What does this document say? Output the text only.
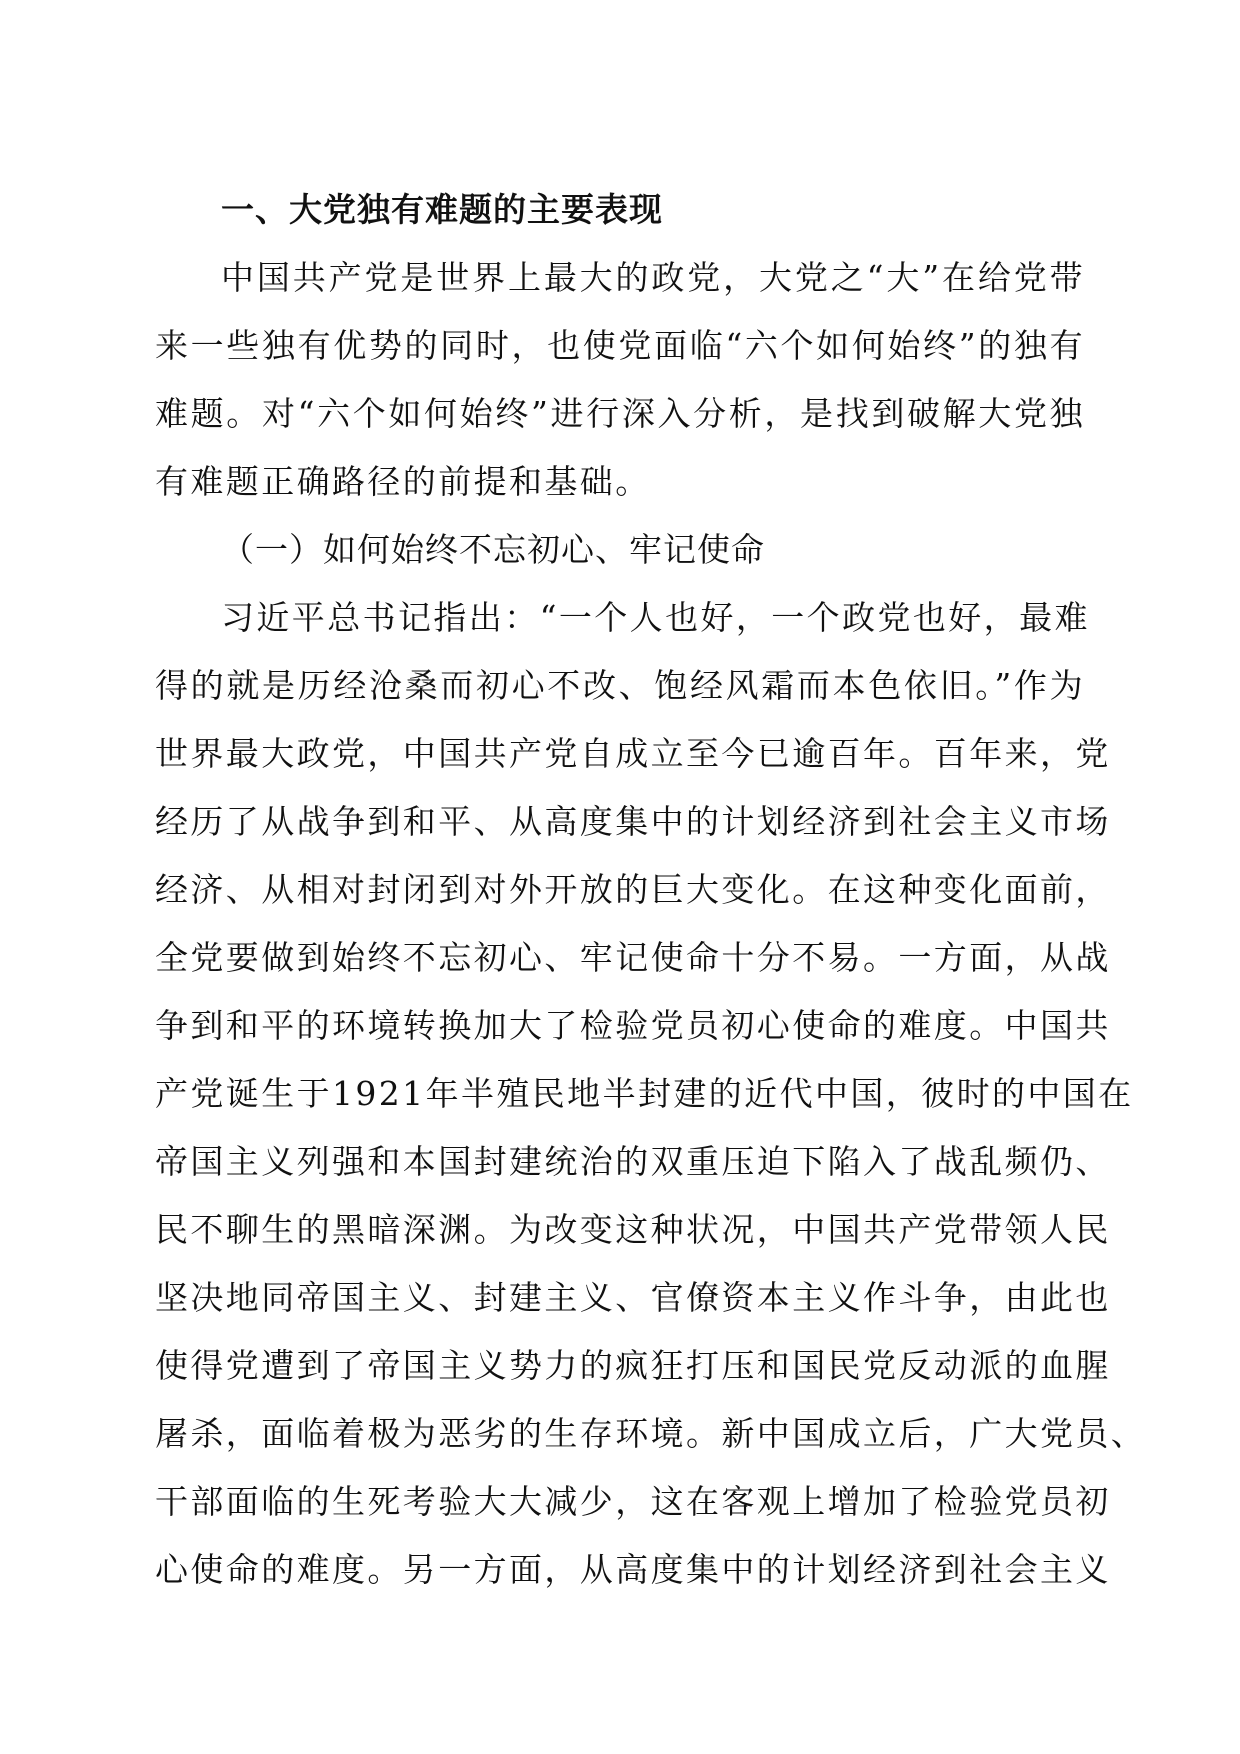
一、大党独有难题的主要表现
中国共产党是世界上最大的政党，大党之“大”在给党带
来一些独有优势的同时，也使党面临“六个如何始终”的独有
难题。对“六个如何始终”进行深入分析，是找到破解大党独
有难题正确路径的前提和基础。
（一）如何始终不忘初心、牢记使命
习近平总书记指出：“一个人也好，一个政党也好，最难
得的就是历经沧桑而初心不改、饱经风霜而本色依旧。”作为
世界最大政党，中国共产党自成立至今已逾百年。百年来，党
经历了从战争到和平、从高度集中的计划经济到社会主义市场
经济、从相对封闭到对外开放的巨大变化。在这种变化面前，
全党要做到始终不忘初心、牢记使命十分不易。一方面，从战
争到和平的环境转换加大了检验党员初心使命的难度。中国共
产党诞生于1921年半殖民地半封建的近代中国，彼时的中国在
帝国主义列强和本国封建统治的双重压迫下陷入了战乱频仍、
民不聊生的黑暗深渊。为改变这种状况，中国共产党带领人民
坚决地同帝国主义、封建主义、官僚资本主义作斗争，由此也
使得党遭到了帝国主义势力的疯狂打压和国民党反动派的血腥
屠杀，面临着极为恶劣的生存环境。新中国成立后，广大党员、
干部面临的生死考验大大减少，这在客观上增加了检验党员初
心使命的难度。另一方面，从高度集中的计划经济到社会主义
